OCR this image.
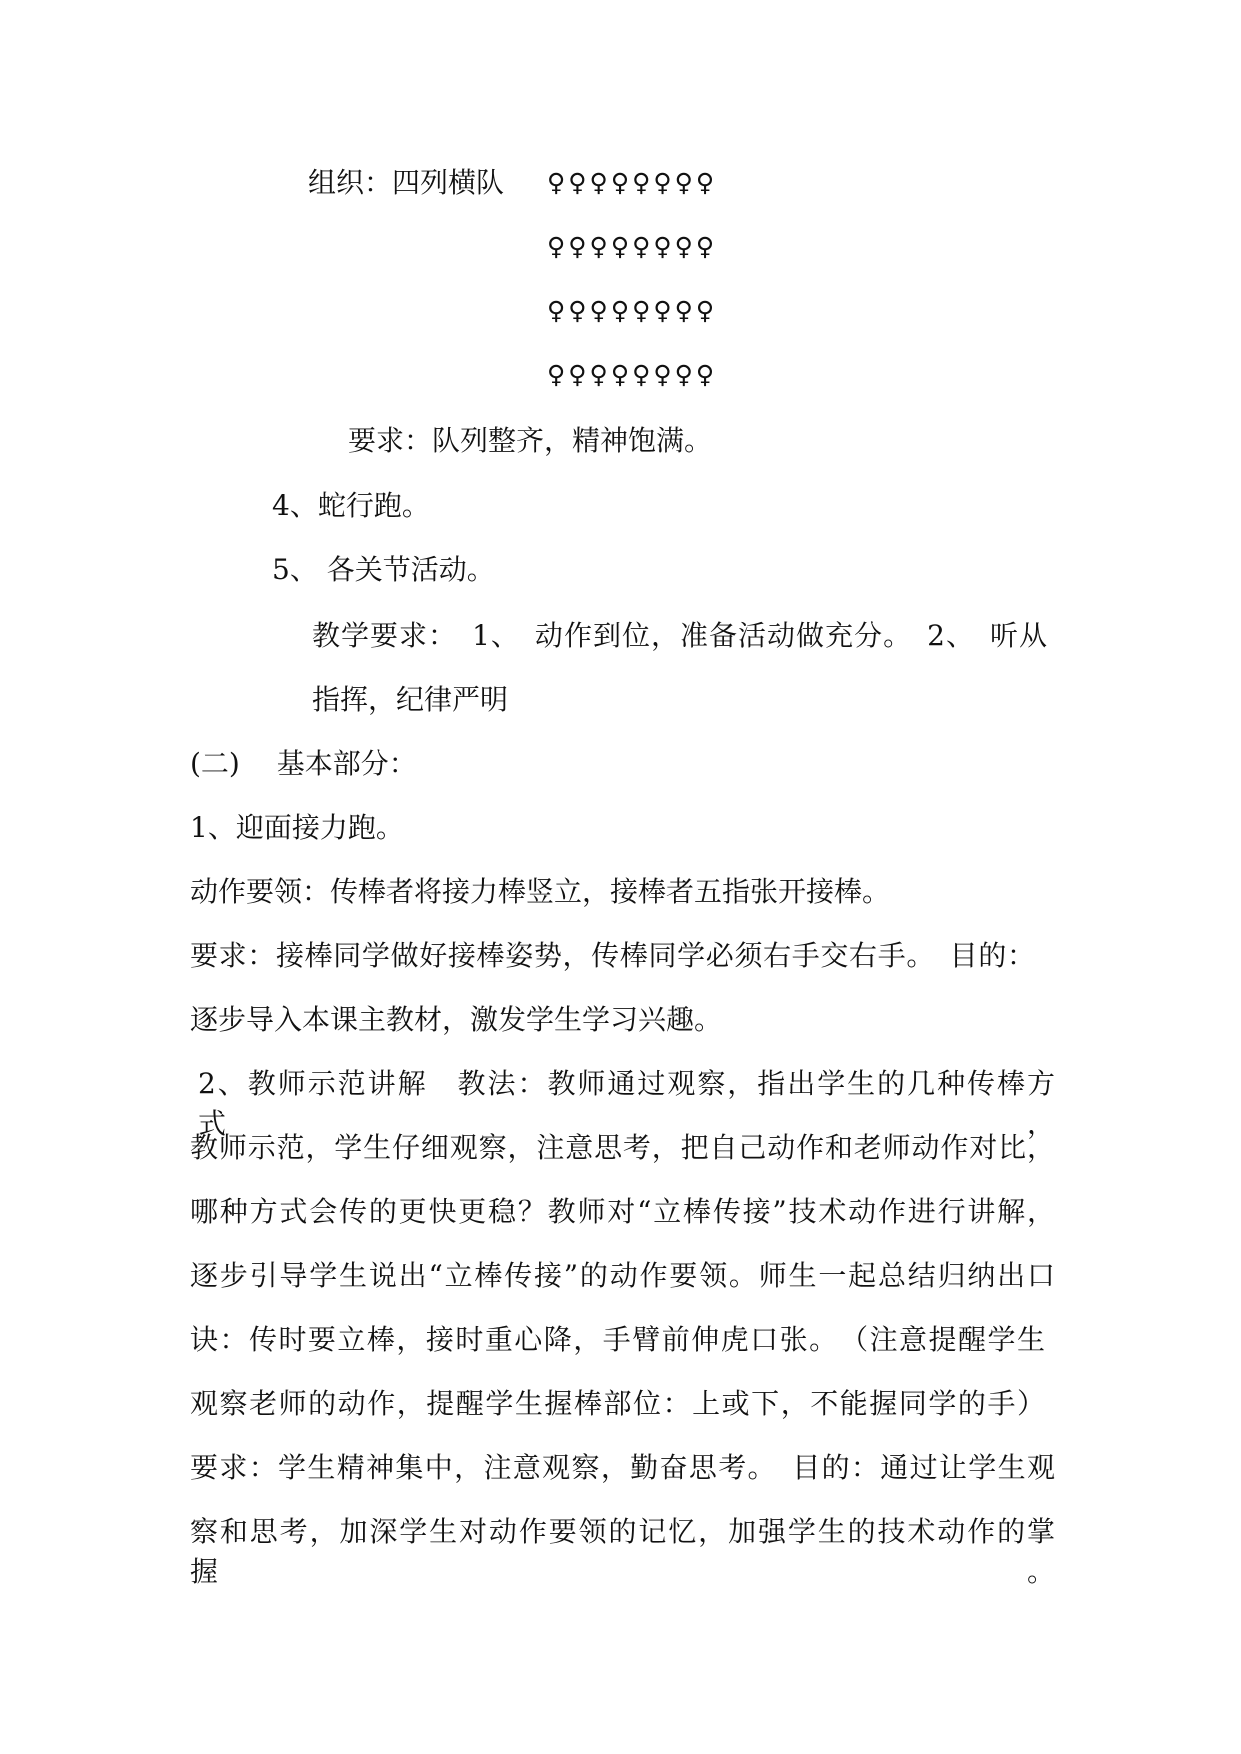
组织：四列横队 ♀♀♀♀♀♀♀♀
♀♀♀♀♀♀♀♀
♀♀♀♀♀♀♀♀
♀♀♀♀♀♀♀♀
要求：队列整齐，精神饱满。
4、蛇行跑。
5、 各关节活动。
教学要求：　1、　动作到位，准备活动做充分。　2、　听从
指挥，纪律严明
(二)　 基本部分：
1、迎面接力跑。
动作要领：传棒者将接力棒竖立，接棒者五指张开接棒。
要求：接棒同学做好接棒姿势，传棒同学必须右手交右手。　目的：
逐步导入本课主教材，激发学生学习兴趣。
2、教师示范讲解　教法：教师通过观察，指出学生的几种传棒方式，
教师示范，学生仔细观察，注意思考，把自己动作和老师动作对比，
哪种方式会传的更快更稳？教师对“立棒传接”技术动作进行讲解，
逐步引导学生说出“立棒传接”的动作要领。师生一起总结归纳出口
诀：传时要立棒，接时重心降，手臂前伸虎口张。　（注意提醒学生
观察老师的动作，提醒学生握棒部位：上或下，不能握同学的手）
要求：学生精神集中，注意观察，勤奋思考。　目的：通过让学生观
察和思考，加深学生对动作要领的记忆，加强学生的技术动作的掌握。
